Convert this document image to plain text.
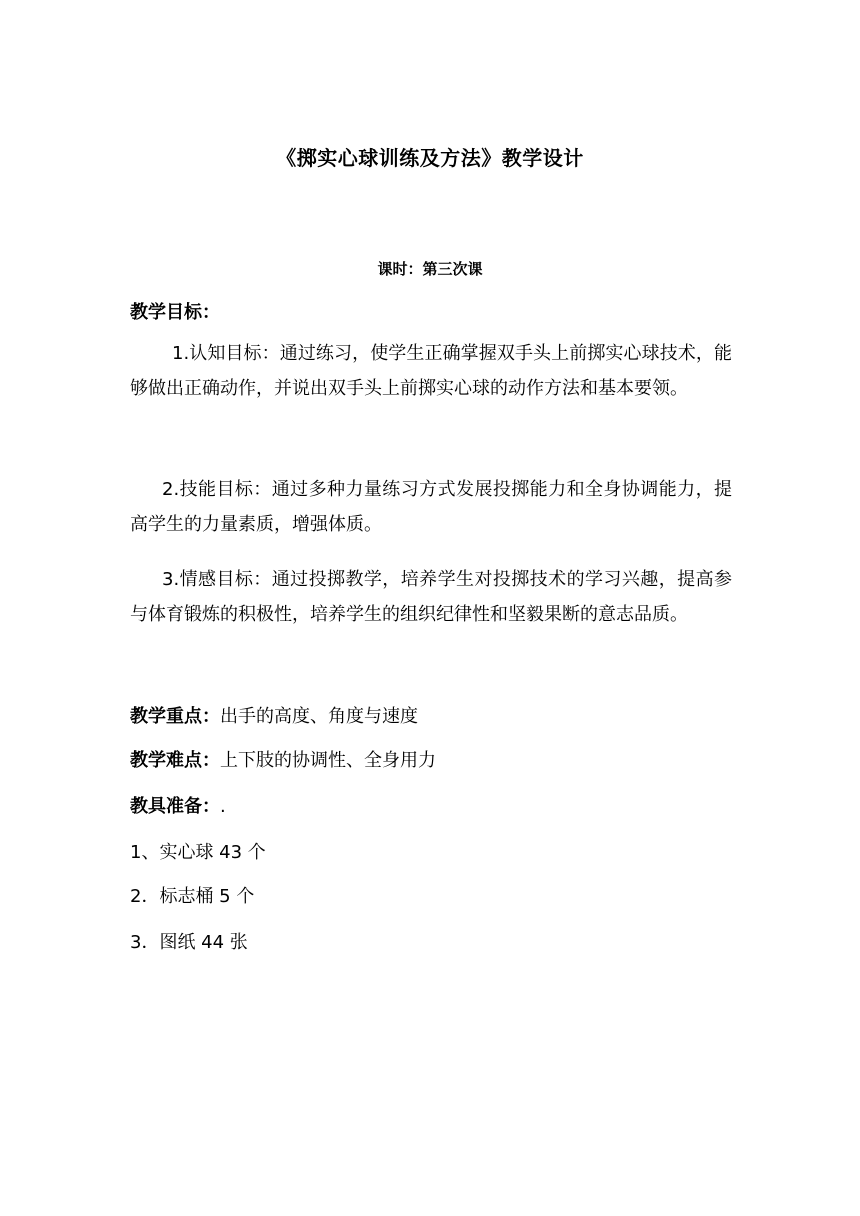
《掷实心球训练及方法》教学设计
课时：第三次课
教学目标：
1.认知目标：通过练习，使学生正确掌握双手头上前掷实心球技术，能够做出正确动作，并说出双手头上前掷实心球的动作方法和基本要领。
2.技能目标：通过多种力量练习方式发展投掷能力和全身协调能力，提高学生的力量素质，增强体质。
3.情感目标：通过投掷教学，培养学生对投掷技术的学习兴趣，提高参与体育锻炼的积极性，培养学生的组织纪律性和坚毅果断的意志品质。
教学重点：出手的高度、角度与速度
教学难点：上下肢的协调性、全身用力
教具准备：.
1、实心球 43 个
2．标志桶 5 个
3．图纸 44 张
